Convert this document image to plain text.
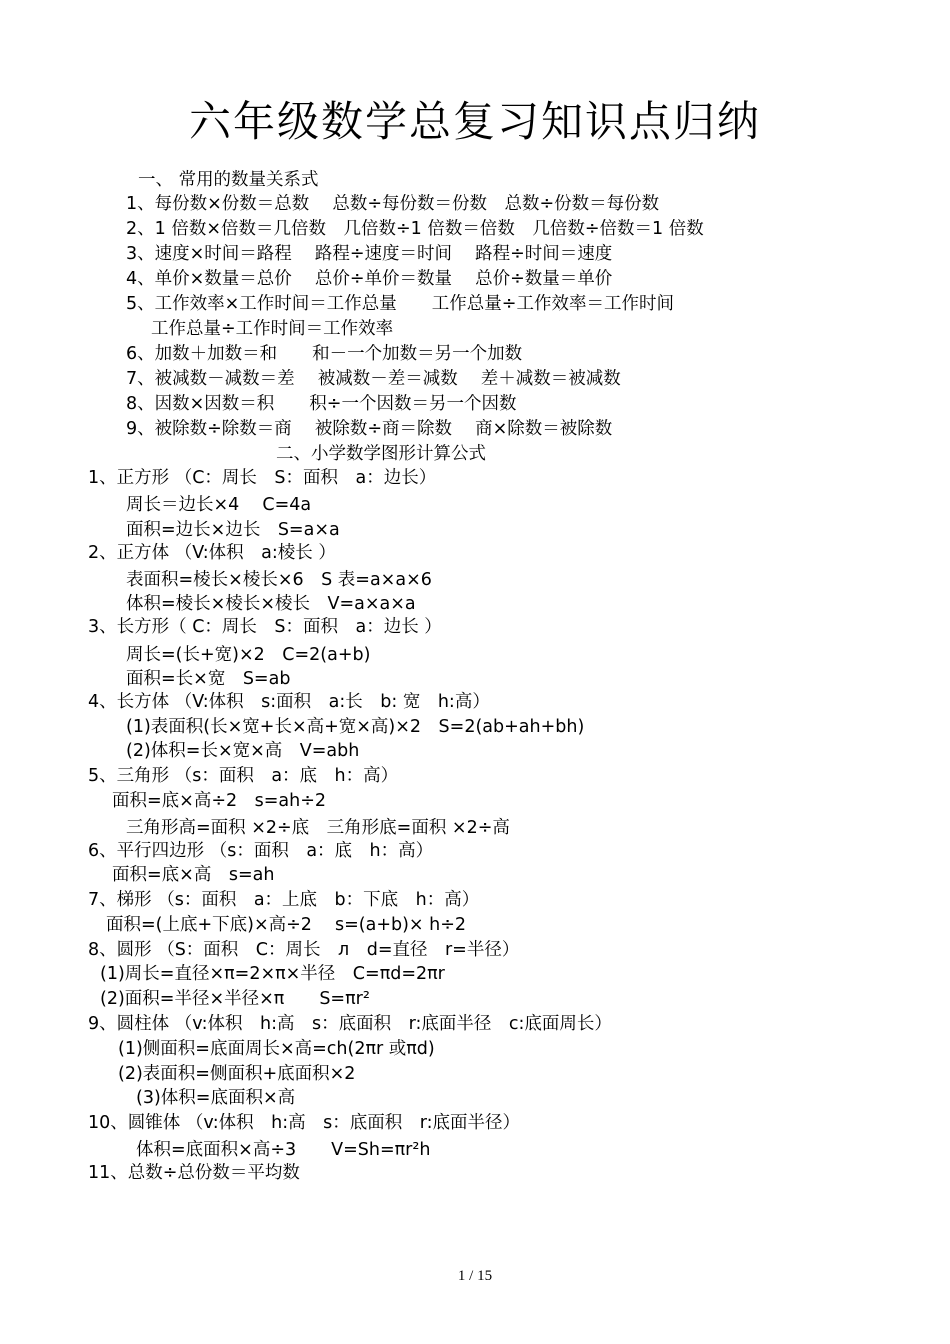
六年级数学总复习知识点归纳
一、 常用的数量关系式
1、每份数×份数＝总数　 总数÷每份数＝份数　总数÷份数＝每份数
2、1 倍数×倍数＝几倍数　几倍数÷1 倍数＝倍数　几倍数÷倍数＝1 倍数
3、速度×时间＝路程　 路程÷速度＝时间　 路程÷时间＝速度
4、单价×数量＝总价　 总价÷单价＝数量　 总价÷数量＝单价
5、工作效率×工作时间＝工作总量　　工作总量÷工作效率＝工作时间
工作总量÷工作时间＝工作效率
6、加数＋加数＝和　　和－一个加数＝另一个加数
7、被减数－减数＝差　 被减数－差＝减数　 差＋减数＝被减数
8、因数×因数＝积　　积÷一个因数＝另一个因数
9、被除数÷除数＝商　 被除数÷商＝除数　 商×除数＝被除数
二、小学数学图形计算公式
1、正方形 （C：周长　S：面积　a：边长）
周长＝边长×4　 C=4a
面积=边长×边长　S=a×a
2、正方体 （V:体积　a:棱长 ）
表面积=棱长×棱长×6　S 表=a×a×6
体积=棱长×棱长×棱长　V=a×a×a
3、长方形（ C：周长　S：面积　a：边长 ）
周长=(长+宽)×2　C=2(a+b)
面积=长×宽　S=ab
4、长方体 （V:体积　s:面积　a:长　b: 宽　h:高）
(1)表面积(长×宽+长×高+宽×高)×2　S=2(ab+ah+bh)
(2)体积=长×宽×高　V=abh
5、三角形 （s：面积　a：底　h：高）
面积=底×高÷2　s=ah÷2
三角形高=面积 ×2÷底　三角形底=面积 ×2÷高
6、平行四边形 （s：面积　a：底　h：高）
面积=底×高　s=ah
7、梯形 （s：面积　a：上底　b：下底　h：高）
面积=(上底+下底)×高÷2　 s=(a+b)× h÷2
8、圆形 （S：面积　C：周长　л　d=直径　r=半径）
(1)周长=直径×π=2×π×半径　C=πd=2πr
(2)面积=半径×半径×π　　S=πr²
9、圆柱体 （v:体积　h:高　s：底面积　r:底面半径　c:底面周长）
(1)侧面积=底面周长×高=ch(2πr 或πd)
(2)表面积=侧面积+底面积×2
(3)体积=底面积×高
10、圆锥体 （v:体积　h:高　s：底面积　r:底面半径）
体积=底面积×高÷3　　V=Sh=πr²h
11、总数÷总份数＝平均数
1 / 15
